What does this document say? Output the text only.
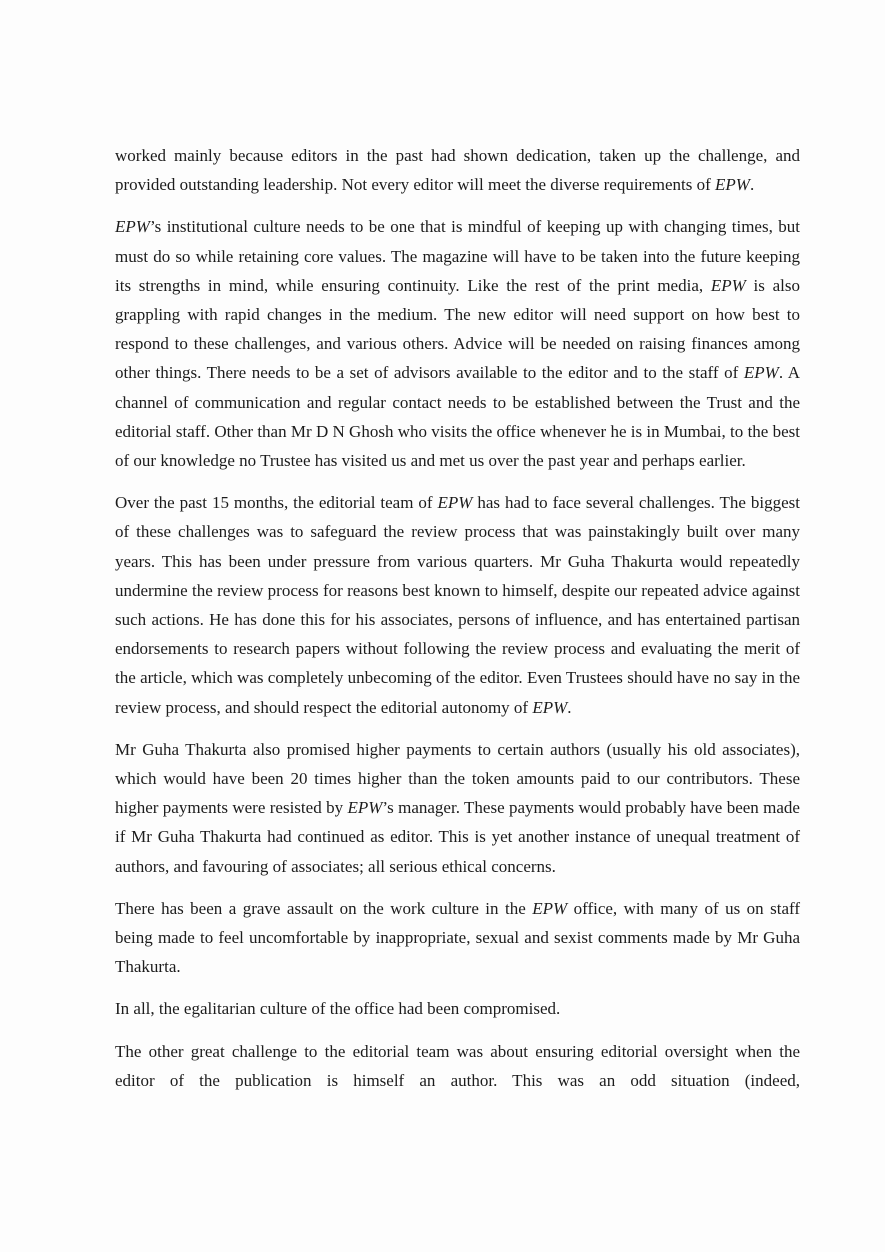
worked mainly because editors in the past had shown dedication, taken up the challenge, and provided outstanding leadership. Not every editor will meet the diverse requirements of EPW.

EPW’s institutional culture needs to be one that is mindful of keeping up with changing times, but must do so while retaining core values. The magazine will have to be taken into the future keeping its strengths in mind, while ensuring continuity. Like the rest of the print media, EPW is also grappling with rapid changes in the medium. The new editor will need support on how best to respond to these challenges, and various others. Advice will be needed on raising finances among other things. There needs to be a set of advisors available to the editor and to the staff of EPW. A channel of communication and regular contact needs to be established between the Trust and the editorial staff. Other than Mr D N Ghosh who visits the office whenever he is in Mumbai, to the best of our knowledge no Trustee has visited us and met us over the past year and perhaps earlier.

Over the past 15 months, the editorial team of EPW has had to face several challenges. The biggest of these challenges was to safeguard the review process that was painstakingly built over many years. This has been under pressure from various quarters. Mr Guha Thakurta would repeatedly undermine the review process for reasons best known to himself, despite our repeated advice against such actions. He has done this for his associates, persons of influence, and has entertained partisan endorsements to research papers without following the review process and evaluating the merit of the article, which was completely unbecoming of the editor. Even Trustees should have no say in the review process, and should respect the editorial autonomy of EPW.

Mr Guha Thakurta also promised higher payments to certain authors (usually his old associates), which would have been 20 times higher than the token amounts paid to our contributors. These higher payments were resisted by EPW’s manager. These payments would probably have been made if Mr Guha Thakurta had continued as editor. This is yet another instance of unequal treatment of authors, and favouring of associates; all serious ethical concerns.

There has been a grave assault on the work culture in the EPW office, with many of us on staff being made to feel uncomfortable by inappropriate, sexual and sexist comments made by Mr Guha Thakurta.

In all, the egalitarian culture of the office had been compromised.

The other great challenge to the editorial team was about ensuring editorial oversight when the editor of the publication is himself an author. This was an odd situation (indeed,
